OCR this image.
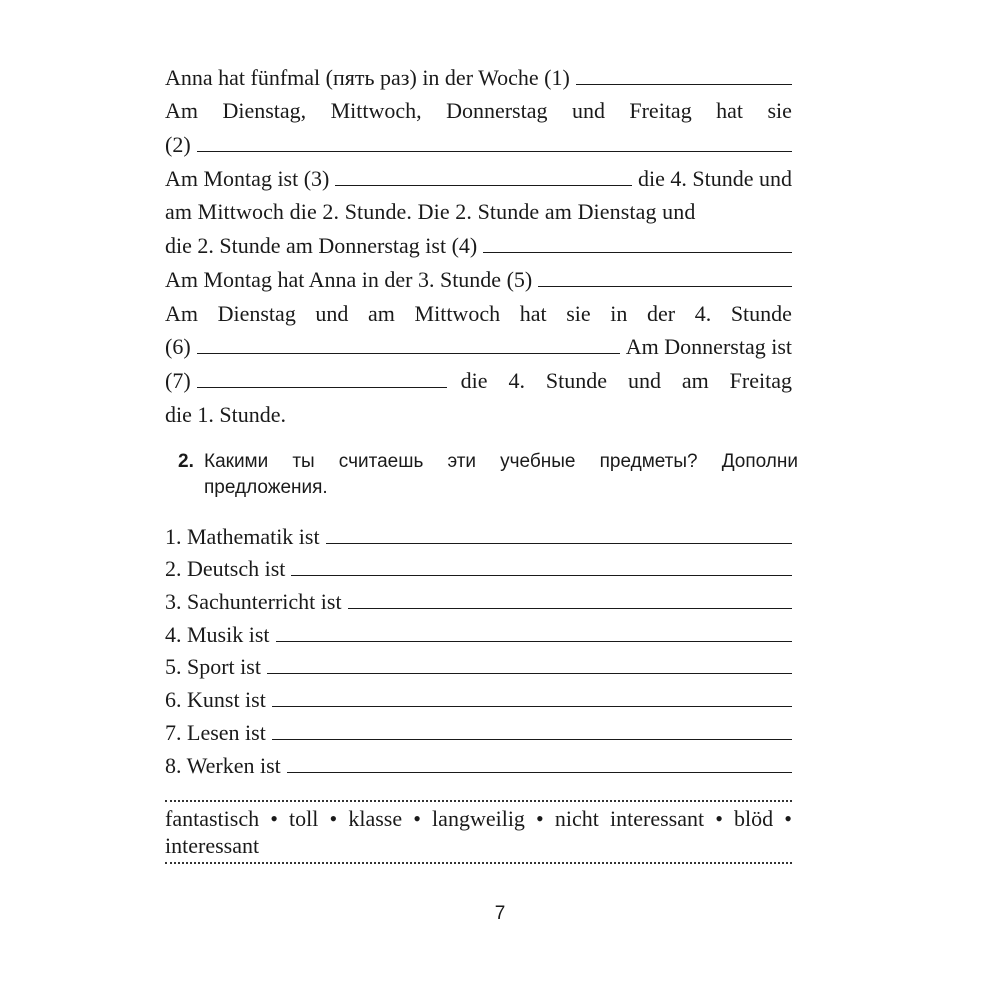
Anna hat fünfmal (пять раз) in der Woche (1)
Am Dienstag, Mittwoch, Donnerstag und Freitag hat sie
(2)
Am Montag ist (3)	die 4. Stunde und
am Mittwoch die 2. Stunde. Die 2. Stunde am Dienstag und
die 2. Stunde am Donnerstag ist (4)
Am Montag hat Anna in der 3. Stunde (5)
Am Dienstag und am Mittwoch hat sie in der 4. Stunde
(6)	Am Donnerstag ist
(7)	die 4. Stunde und am Freitag
die 1. Stunde.
2. Какими ты считаешь эти учебные предметы? Дополни предложения.
1. Mathematik ist
2. Deutsch ist
3. Sachunterricht ist
4. Musik ist
5. Sport ist
6. Kunst ist
7. Lesen ist
8. Werken ist
fantastisch • toll • klasse • langweilig • nicht interessant • blöd • interessant
7
